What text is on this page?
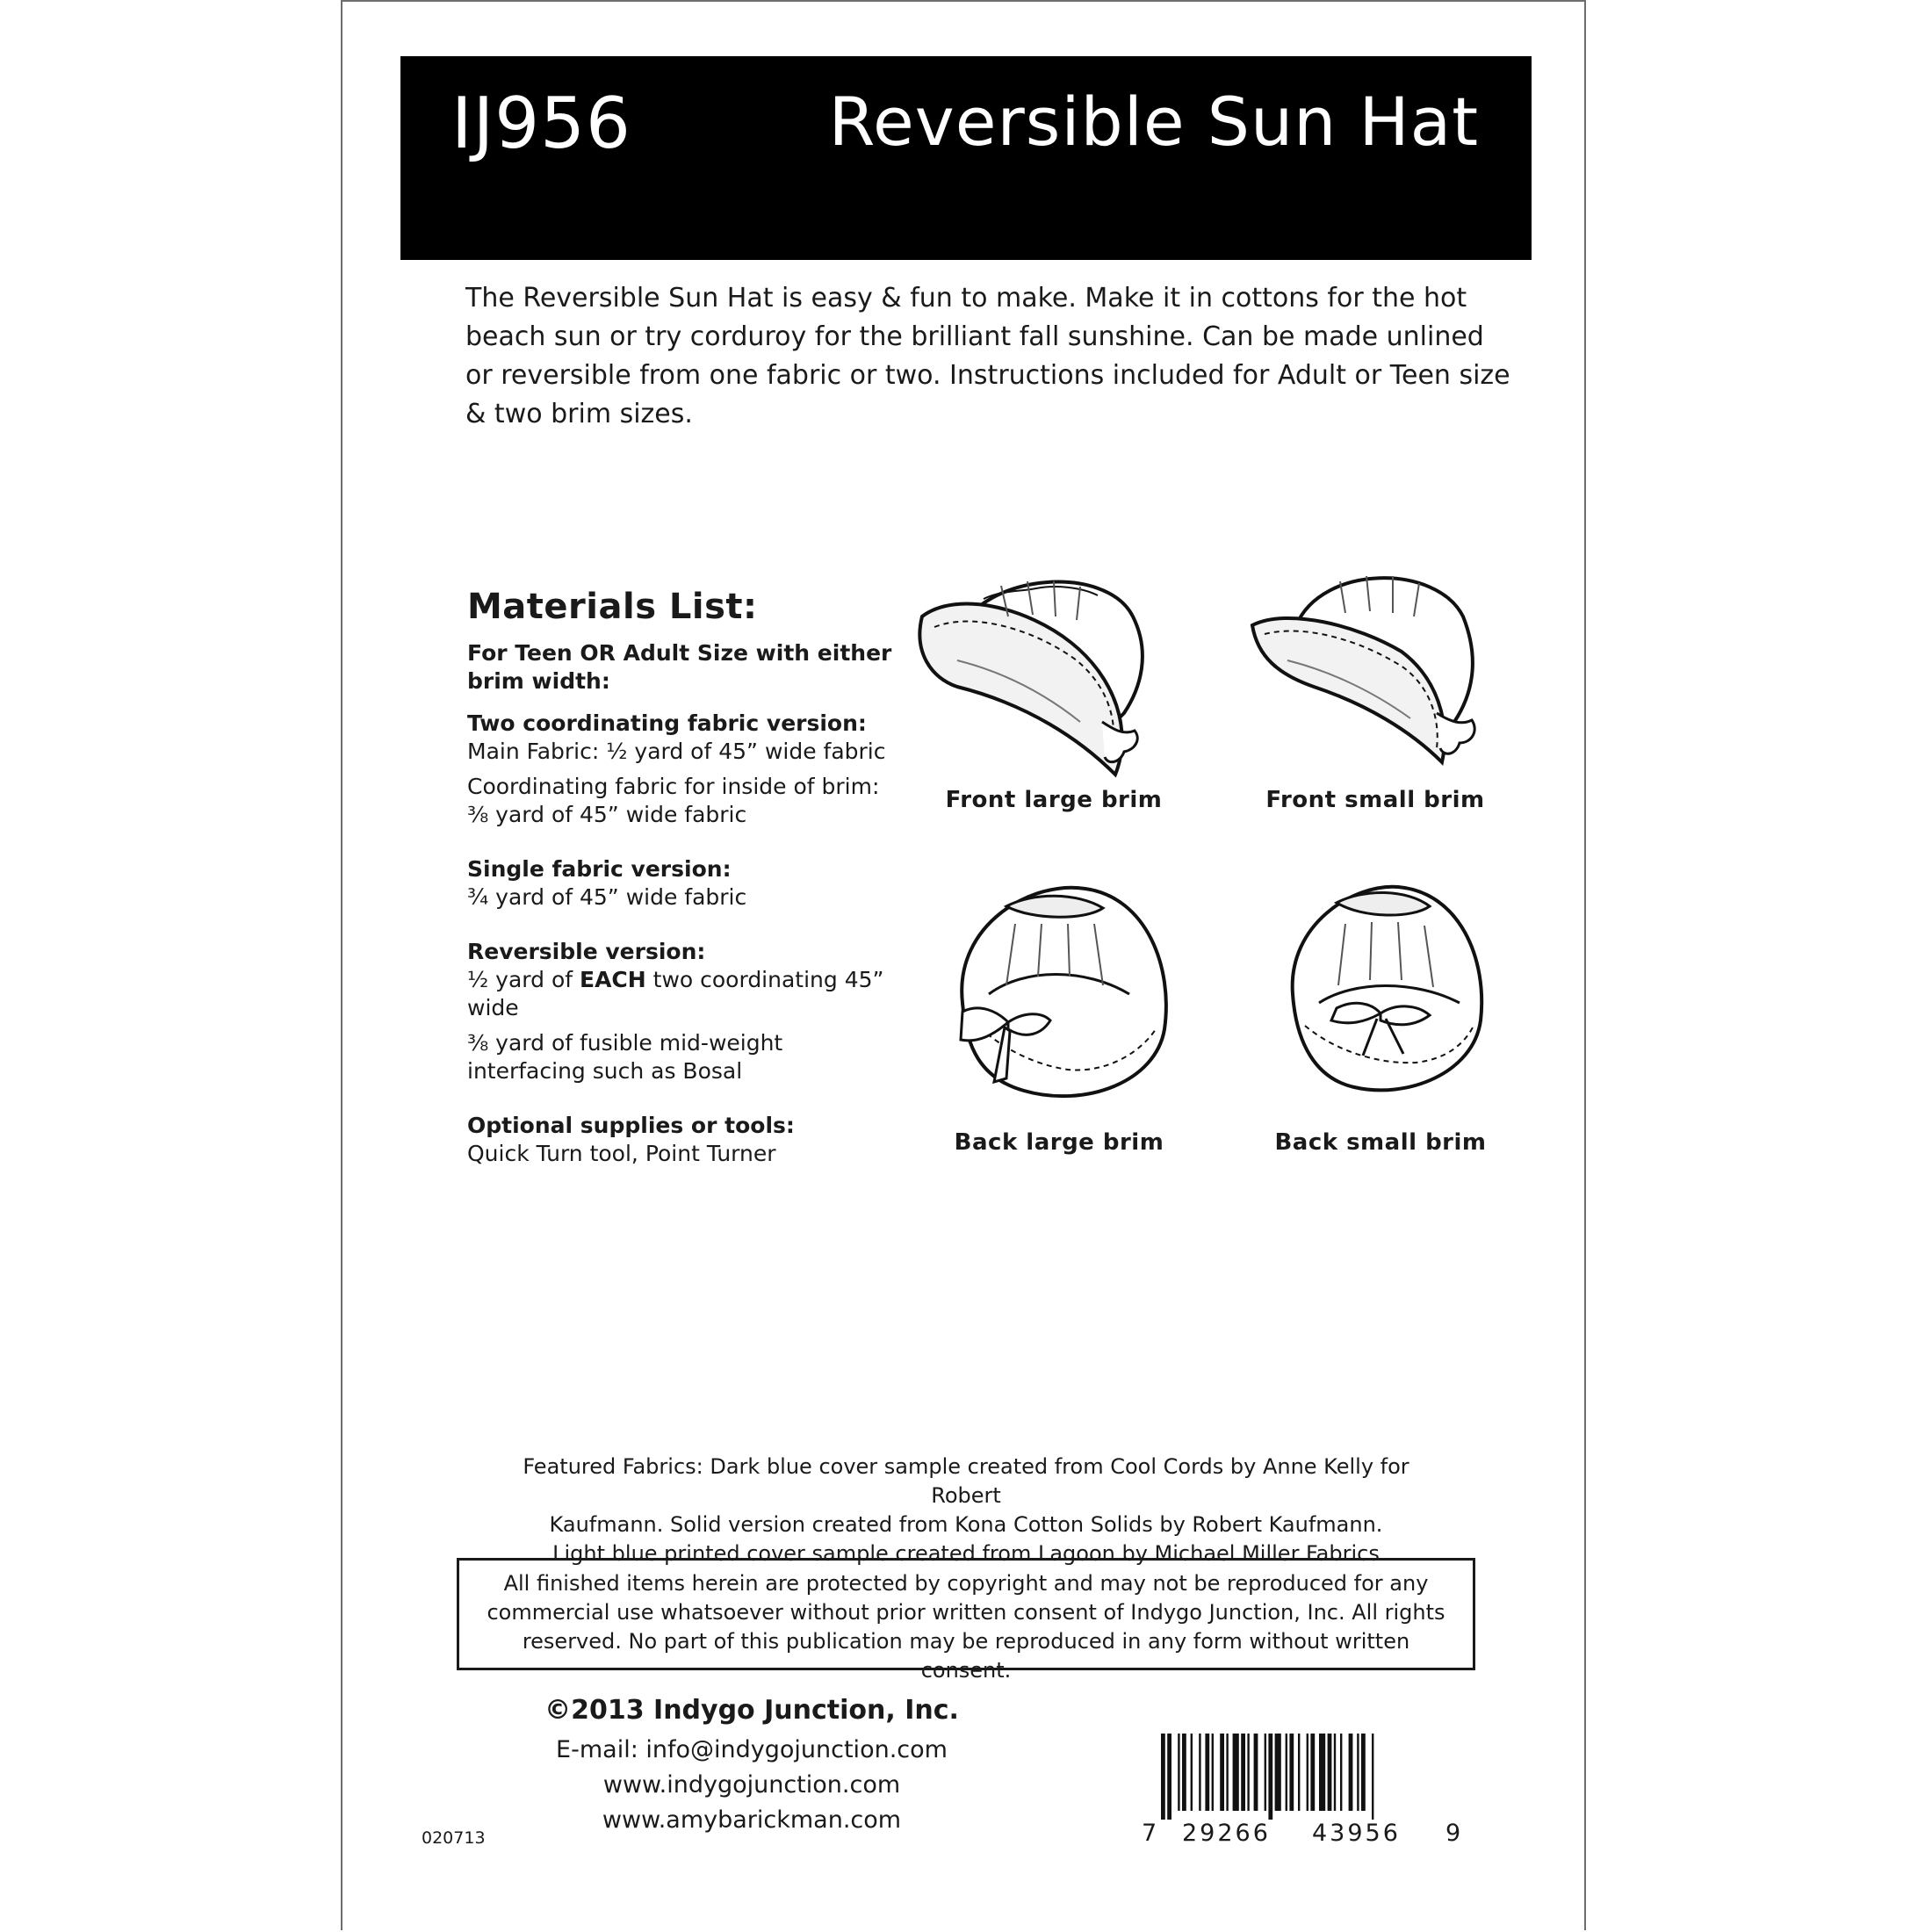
IJ956	Reversible Sun Hat
The Reversible Sun Hat is easy & fun to make. Make it in cottons for the hot beach sun or try corduroy for the brilliant fall sunshine. Can be made unlined or reversible from one fabric or two. Instructions included for Adult or Teen size & two brim sizes.
Materials List:
For Teen OR Adult Size with either brim width:
Two coordinating fabric version:
Main Fabric: ½ yard of 45” wide fabric
Coordinating fabric for inside of brim: ⅜ yard of 45” wide fabric
Single fabric version:
¾ yard of 45” wide fabric
Reversible version:
½ yard of EACH two coordinating 45” wide
⅜ yard of fusible mid-weight interfacing such as Bosal
Optional supplies or tools:
Quick Turn tool, Point Turner
Front large brim	Front small brim
Back large brim	Back small brim
Featured Fabrics: Dark blue cover sample created from Cool Cords by Anne Kelly for Robert
Kaufmann. Solid version created from Kona Cotton Solids by Robert Kaufmann.
Light blue printed cover sample created from Lagoon by Michael Miller Fabrics
All finished items herein are protected by copyright and may not be reproduced for any
commercial use whatsoever without prior written consent of Indygo Junction, Inc. All rights
reserved. No part of this publication may be reproduced in any form without written consent.
©2013 Indygo Junction, Inc.
E-mail: info@indygojunction.com
www.indygojunction.com
www.amybarickman.com
020713	7 29266 43956 9
